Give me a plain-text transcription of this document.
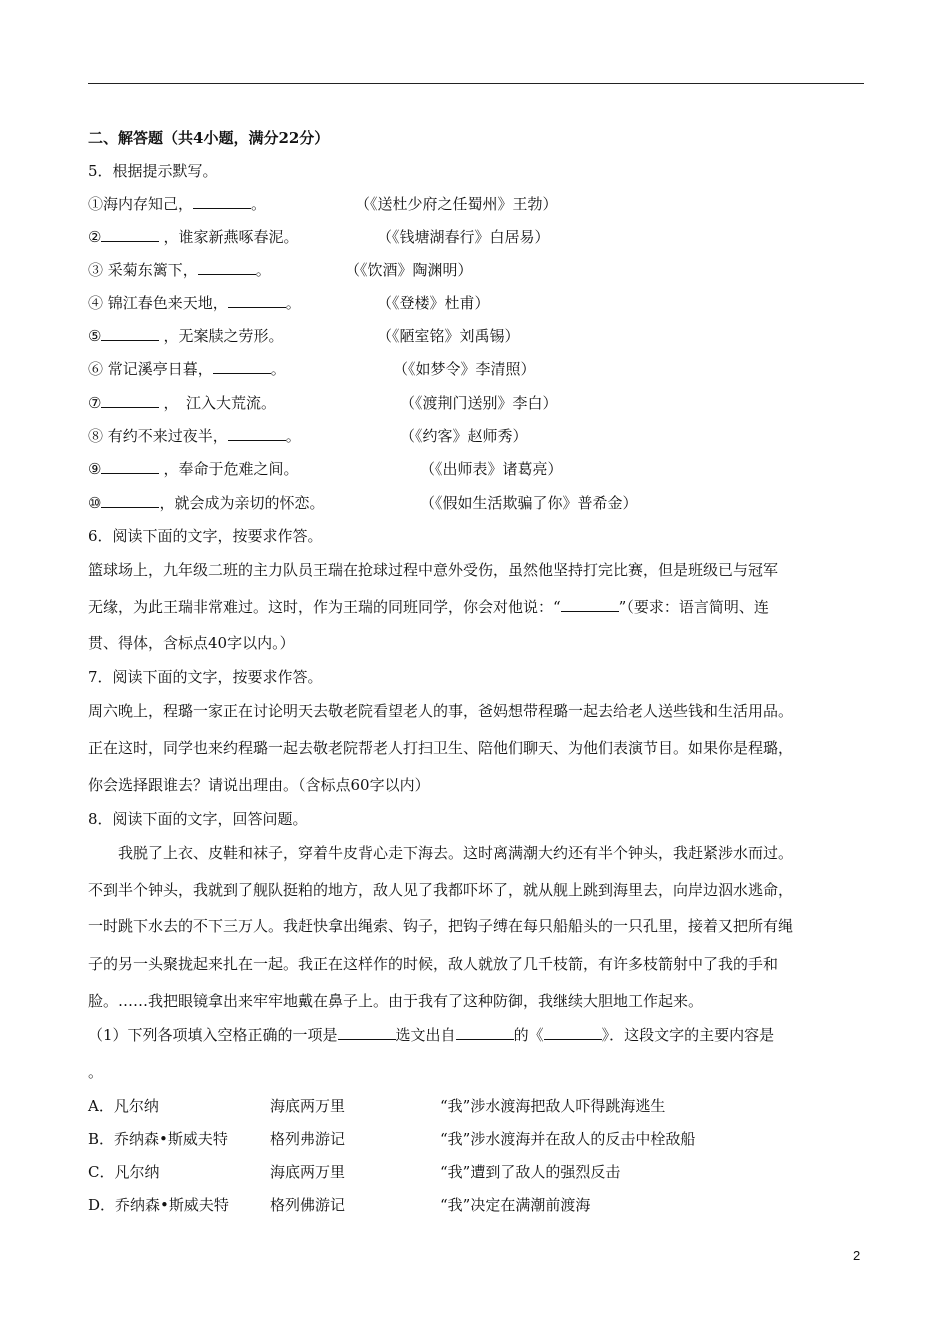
二、解答题（共4小题，满分22分）
5．根据提示默写。
①海内存知己，	。	（《送杜少府之任蜀州》王勃）
②	，谁家新燕啄春泥。	（《钱塘湖春行》白居易）
③ 采菊东篱下，	。	（《饮酒》陶渊明）
④ 锦江春色来天地，	。	（《登楼》杜甫）
⑤	，无案牍之劳形。	（《陋室铭》刘禹锡）
⑥ 常记溪亭日暮，	。	（《如梦令》李清照）
⑦	，　江入大荒流。	（《渡荆门送别》李白）
⑧ 有约不来过夜半，	。	（《约客》赵师秀）
⑨	，奉命于危难之间。	（《出师表》诸葛亮）
⑩	，就会成为亲切的怀恋。	（《假如生活欺骗了你》普希金）
6．阅读下面的文字，按要求作答。
篮球场上，九年级二班的主力队员王瑞在抢球过程中意外受伤，虽然他坚持打完比赛，但是班级已与冠军
无缘，为此王瑞非常难过。这时，作为王瑞的同班同学，你会对他说：“	”（要求：语言简明、连
贯、得体，含标点40字以内。）
7．阅读下面的文字，按要求作答。
周六晚上，程璐一家正在讨论明天去敬老院看望老人的事，爸妈想带程璐一起去给老人送些钱和生活用品。
正在这时，同学也来约程璐一起去敬老院帮老人打扫卫生、陪他们聊天、为他们表演节目。如果你是程璐，
你会选择跟谁去？请说出理由。（含标点60字以内）
8．阅读下面的文字，回答问题。
我脱了上衣、皮鞋和袜子，穿着牛皮背心走下海去。这时离满潮大约还有半个钟头，我赶紧涉水而过。
不到半个钟头，我就到了舰队挺粕的地方，敌人见了我都吓坏了，就从舰上跳到海里去，向岸边泅水逃命，
一时跳下水去的不下三万人。我赶快拿出绳索、钩子，把钩子缚在每只船船头的一只孔里，接着又把所有绳
子的另一头聚拢起来扎在一起。我正在这样作的时候，敌人就放了几千枝箭，有许多枝箭射中了我的手和
脸。……我把眼镜拿出来牢牢地戴在鼻子上。由于我有了这种防御，我继续大胆地工作起来。
（1）下列各项填入空格正确的一项是	选文出自	的《	》．这段文字的主要内容是
。
A．凡尔纳	海底两万里	“我”涉水渡海把敌人吓得跳海逃生
B．乔纳森•斯威夫特	格列弗游记	“我”涉水渡海并在敌人的反击中栓敌船
C．凡尔纳	海底两万里	“我”遭到了敌人的强烈反击
D．乔纳森•斯威夫特	格列佛游记	“我”决定在满潮前渡海
2
